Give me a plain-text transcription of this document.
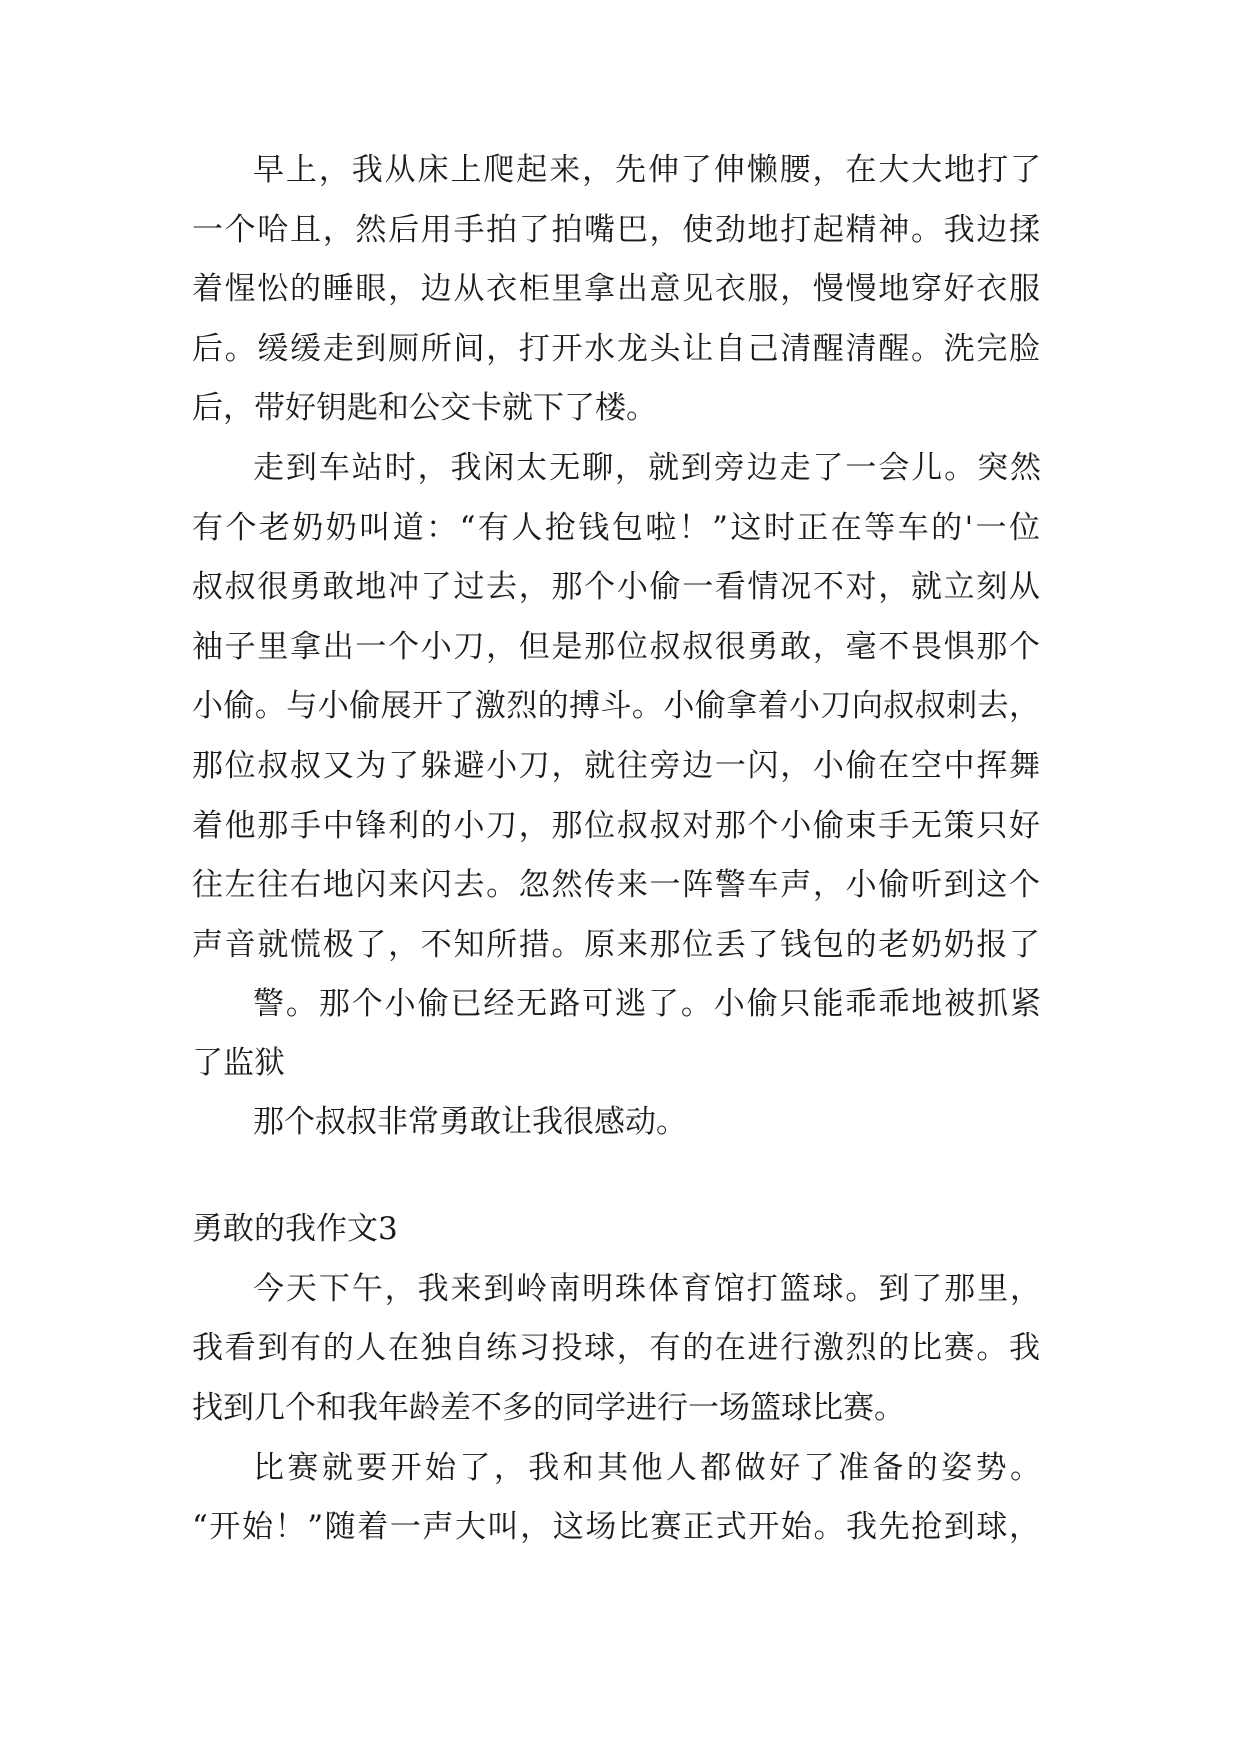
早上，我从床上爬起来，先伸了伸懒腰，在大大地打了
一个哈且，然后用手拍了拍嘴巴，使劲地打起精神。我边揉
着惺忪的睡眼，边从衣柜里拿出意见衣服，慢慢地穿好衣服
后。缓缓走到厕所间，打开水龙头让自己清醒清醒。洗完脸
后，带好钥匙和公交卡就下了楼。
走到车站时，我闲太无聊，就到旁边走了一会儿。突然
有个老奶奶叫道：“有人抢钱包啦！”这时正在等车的'一位
叔叔很勇敢地冲了过去，那个小偷一看情况不对，就立刻从
袖子里拿出一个小刀，但是那位叔叔很勇敢，毫不畏惧那个
小偷。与小偷展开了激烈的搏斗。小偷拿着小刀向叔叔刺去，
那位叔叔又为了躲避小刀，就往旁边一闪，小偷在空中挥舞
着他那手中锋利的小刀，那位叔叔对那个小偷束手无策只好
往左往右地闪来闪去。忽然传来一阵警车声，小偷听到这个
声音就慌极了，不知所措。原来那位丢了钱包的老奶奶报了
警。那个小偷已经无路可逃了。小偷只能乖乖地被抓紧
了监狱
那个叔叔非常勇敢让我很感动。
勇敢的我作文3
今天下午，我来到岭南明珠体育馆打篮球。到了那里，
我看到有的人在独自练习投球，有的在进行激烈的比赛。我
找到几个和我年龄差不多的同学进行一场篮球比赛。
比赛就要开始了，我和其他人都做好了准备的姿势。
“开始！”随着一声大叫，这场比赛正式开始。我先抢到球，
